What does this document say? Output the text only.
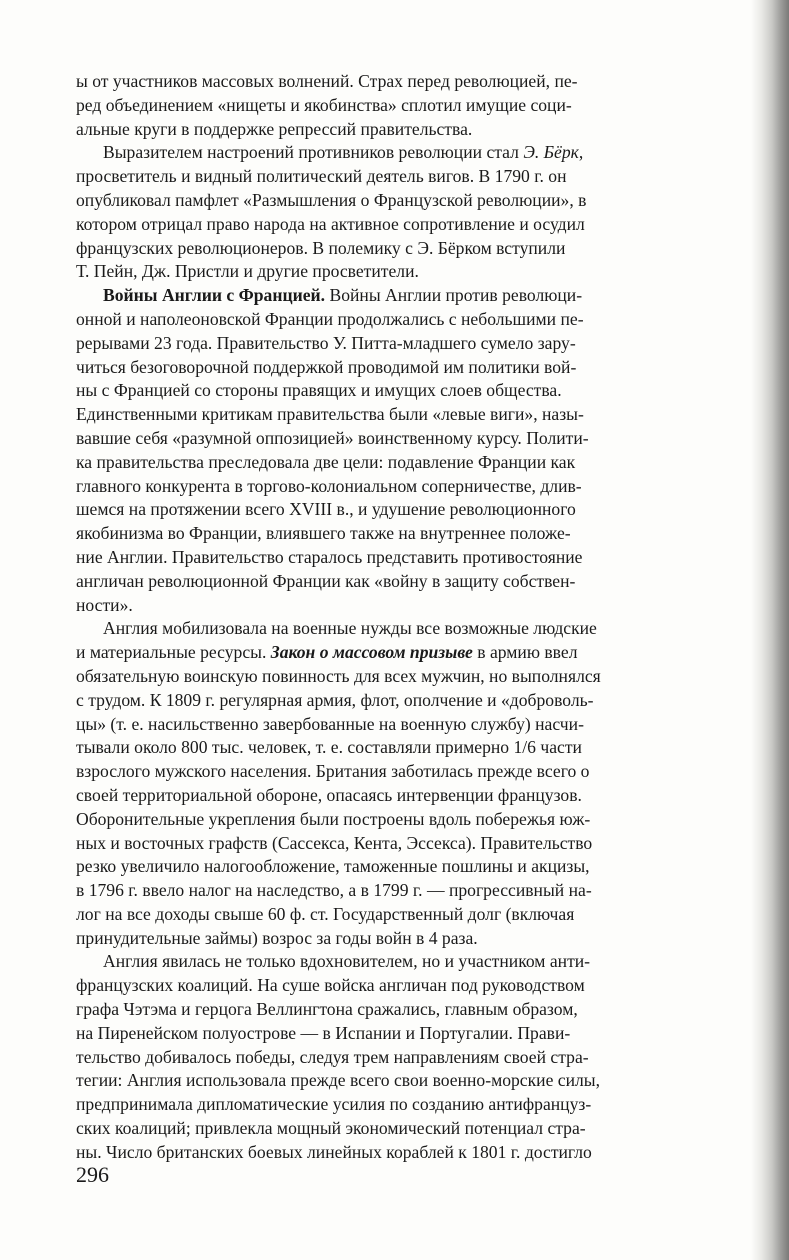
ы от участников массовых волнений. Страх перед революцией, пе-
ред объединением «нищеты и якобинства» сплотил имущие соци-
альные круги в поддержке репрессий правительства.
Выразителем настроений противников революции стал Э. Бёрк,
просветитель и видный политический деятель вигов. В 1790 г. он
опубликовал памфлет «Размышления о Французской революции», в
котором отрицал право народа на активное сопротивление и осудил
французских революционеров. В полемику с Э. Бёрком вступили
Т. Пейн, Дж. Пристли и другие просветители.
Войны Англии с Францией. Войны Англии против революци-
онной и наполеоновской Франции продолжались с небольшими пе-
рерывами 23 года. Правительство У. Питта-младшего сумело зару-
читься безоговорочной поддержкой проводимой им политики вой-
ны с Францией со стороны правящих и имущих слоев общества.
Единственными критикам правительства были «левые виги», назы-
вавшие себя «разумной оппозицией» воинственному курсу. Полити-
ка правительства преследовала две цели: подавление Франции как
главного конкурента в торгово-колониальном соперничестве, длив-
шемся на протяжении всего XVIII в., и удушение революционного
якобинизма во Франции, влиявшего также на внутреннее положе-
ние Англии. Правительство старалось представить противостояние
англичан революционной Франции как «войну в защиту собствен-
ности».
Англия мобилизовала на военные нужды все возможные людские
и материальные ресурсы. Закон о массовом призыве в армию ввел
обязательную воинскую повинность для всех мужчин, но выполнялся
с трудом. К 1809 г. регулярная армия, флот, ополчение и «доброволь-
цы» (т. е. насильственно завербованные на военную службу) насчи-
тывали около 800 тыс. человек, т. е. составляли примерно 1/6 части
взрослого мужского населения. Британия заботилась прежде всего о
своей территориальной обороне, опасаясь интервенции французов.
Оборонительные укрепления были построены вдоль побережья юж-
ных и восточных графств (Сассекса, Кента, Эссекса). Правительство
резко увеличило налогообложение, таможенные пошлины и акцизы,
в 1796 г. ввело налог на наследство, а в 1799 г. — прогрессивный на-
лог на все доходы свыше 60 ф. ст. Государственный долг (включая
принудительные займы) возрос за годы войн в 4 раза.
Англия явилась не только вдохновителем, но и участником анти-
французских коалиций. На суше войска англичан под руководством
графа Чэтэма и герцога Веллингтона сражались, главным образом,
на Пиренейском полуострове — в Испании и Португалии. Прави-
тельство добивалось победы, следуя трем направлениям своей стра-
тегии: Англия использовала прежде всего свои военно-морские силы,
предпринимала дипломатические усилия по созданию антифранцуз-
ских коалиций; привлекла мощный экономический потенциал стра-
ны. Число британских боевых линейных кораблей к 1801 г. достигло
296
